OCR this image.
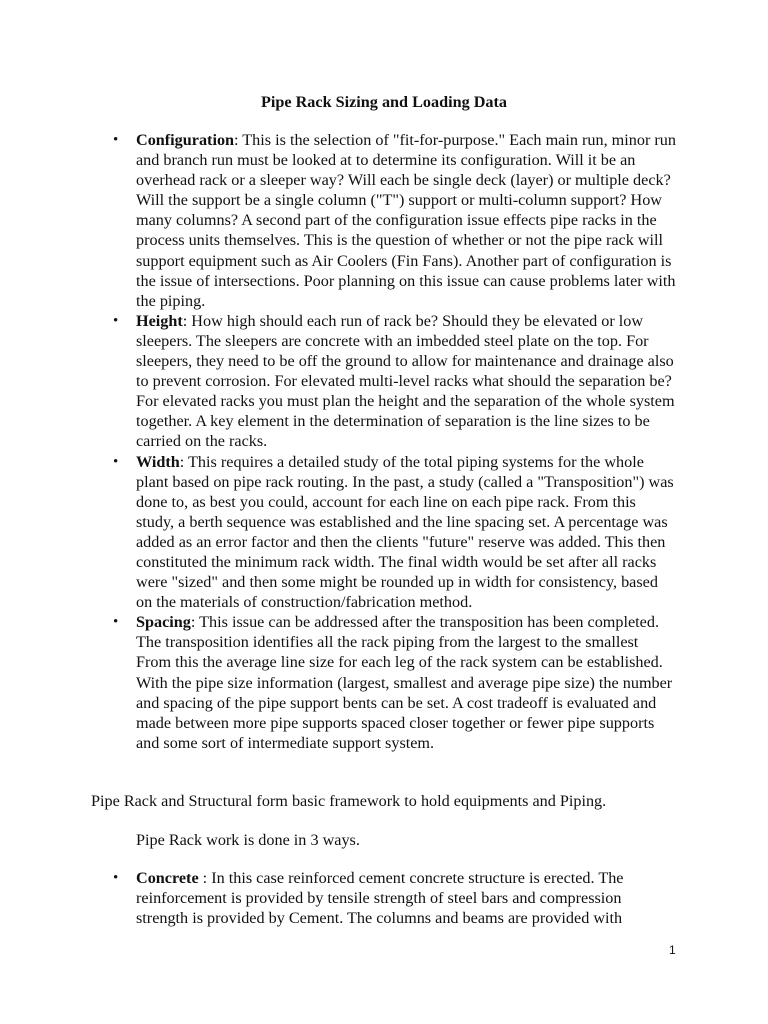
Pipe Rack Sizing and Loading Data
• Configuration: This is the selection of "fit-for-purpose." Each main run, minor run and branch run must be looked at to determine its configuration. Will it be an overhead rack or a sleeper way? Will each be single deck (layer) or multiple deck? Will the support be a single column ("T") support or multi-column support? How many columns? A second part of the configuration issue effects pipe racks in the process units themselves. This is the question of whether or not the pipe rack will support equipment such as Air Coolers (Fin Fans). Another part of configuration is the issue of intersections. Poor planning on this issue can cause problems later with the piping.
• Height: How high should each run of rack be? Should they be elevated or low sleepers. The sleepers are concrete with an imbedded steel plate on the top. For sleepers, they need to be off the ground to allow for maintenance and drainage also to prevent corrosion. For elevated multi-level racks what should the separation be? For elevated racks you must plan the height and the separation of the whole system together. A key element in the determination of separation is the line sizes to be carried on the racks.
• Width: This requires a detailed study of the total piping systems for the whole plant based on pipe rack routing. In the past, a study (called a "Transposition") was done to, as best you could, account for each line on each pipe rack. From this study, a berth sequence was established and the line spacing set. A percentage was added as an error factor and then the clients "future" reserve was added. This then constituted the minimum rack width. The final width would be set after all racks were "sized" and then some might be rounded up in width for consistency, based on the materials of construction/fabrication method.
• Spacing: This issue can be addressed after the transposition has been completed. The transposition identifies all the rack piping from the largest to the smallest From this the average line size for each leg of the rack system can be established. With the pipe size information (largest, smallest and average pipe size) the number and spacing of the pipe support bents can be set. A cost tradeoff is evaluated and made between more pipe supports spaced closer together or fewer pipe supports and some sort of intermediate support system.

Pipe Rack and Structural form basic framework to hold equipments and Piping.

Pipe Rack work is done in 3 ways.

• Concrete : In this case reinforced cement concrete structure is erected. The reinforcement is provided by tensile strength of steel bars and compression strength is provided by Cement. The columns and beams are provided with
1
